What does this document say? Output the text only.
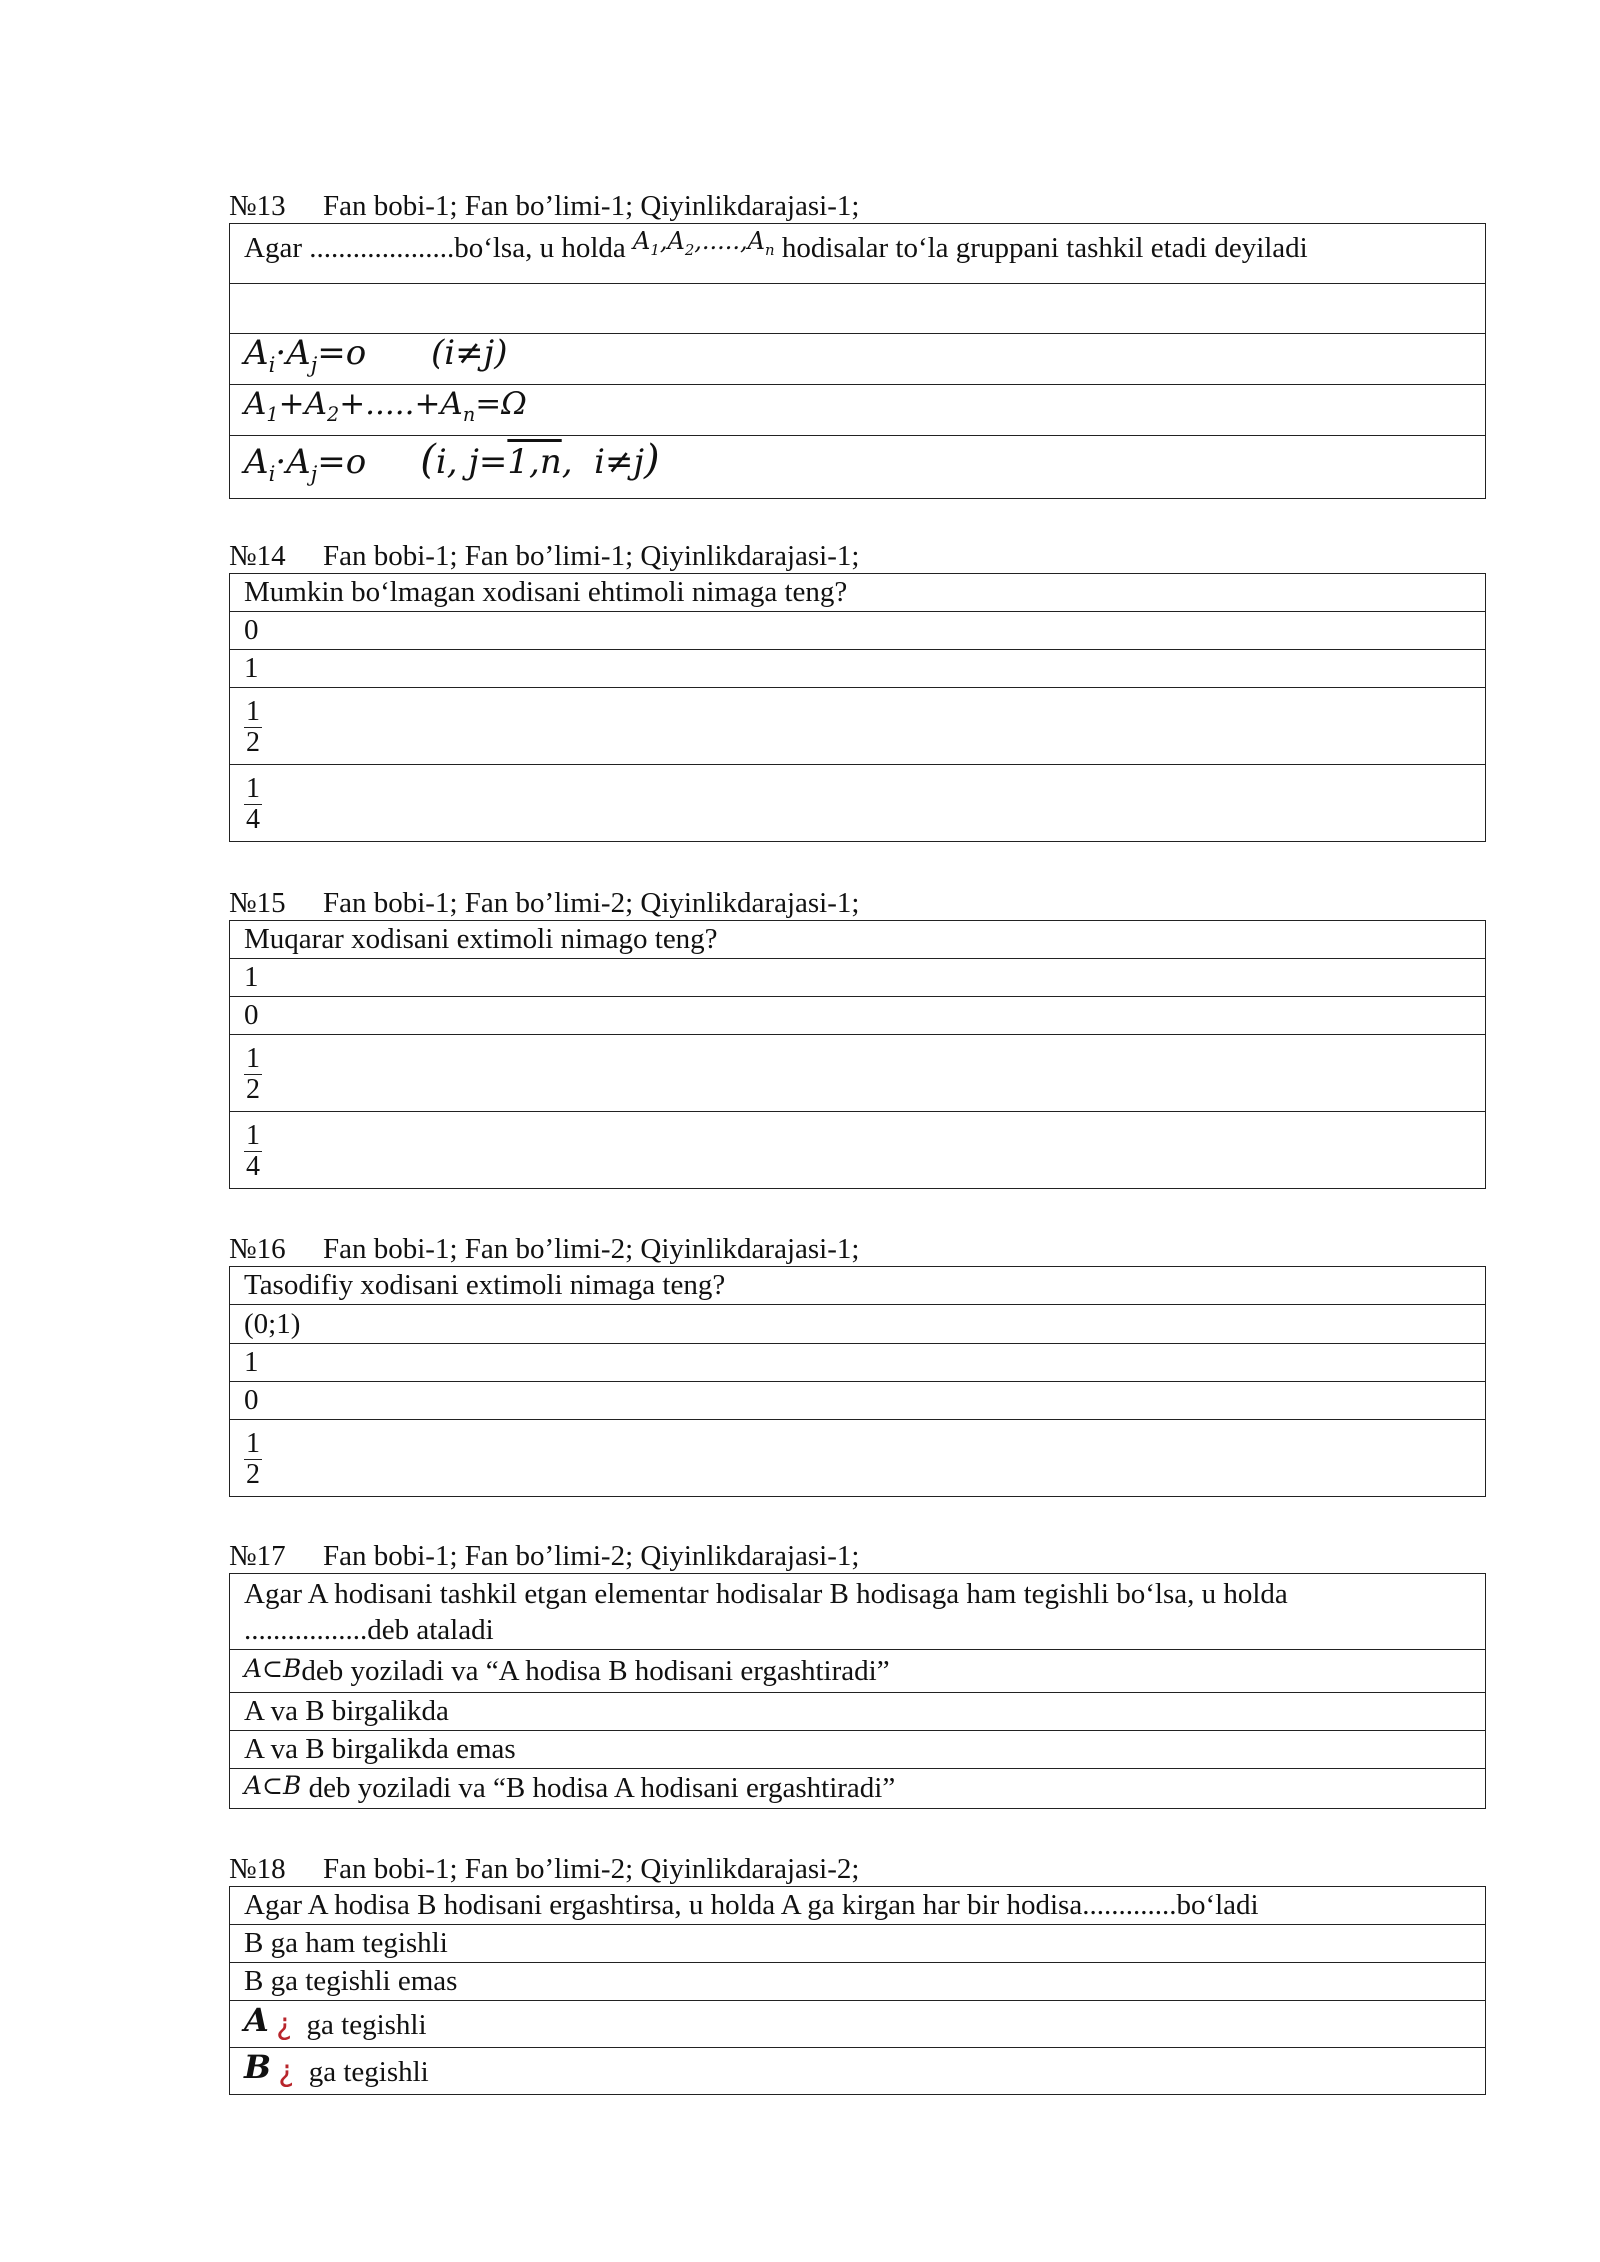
№13 Fan bobi-1; Fan bo’limi-1; Qiyinlikdarajasi-1;
Agar ....................bo‘lsa, u holda $^{A_1,A_2,.....,A_n}$ hodisalar to‘la gruppani tashkil etadi deyiladi

$A_i\cdot A_j=o$      (i≠j)
$A_1+A_2+.....+A_n=\Omega$
$A_i\cdot A_j=o$     (i, j=1,n,  i≠j)
№14 Fan bobi-1; Fan bo’limi-1; Qiyinlikdarajasi-1;
Mumkin bo‘lmagan xodisani ehtimoli nimaga teng?
0
1

$\frac{1}{2}$

$\frac{1}{4}$
№15 Fan bobi-1; Fan bo’limi-2; Qiyinlikdarajasi-1;
Muqarar xodisani extimoli nimago teng?
1
0

$\frac{1}{2}$

$\frac{1}{4}$
№16 Fan bobi-1; Fan bo’limi-2; Qiyinlikdarajasi-1;
Tasodifiy xodisani extimoli nimaga teng?
(0;1)
1
0

$\frac{1}{2}$
№17 Fan bobi-1; Fan bo’limi-2; Qiyinlikdarajasi-1;
Agar A hodisani tashkil etgan elementar hodisalar B hodisaga ham tegishli bo‘lsa, u holda .................deb ataladi
A⊂Bdeb yoziladi va “A hodisa B hodisani ergashtiradi”
A va B birgalikda
A va B birgalikda emas
A⊂B deb yoziladi va “B hodisa A hodisani ergashtiradi”
№18 Fan bobi-1; Fan bo’limi-2; Qiyinlikdarajasi-2;
Agar A hodisa B hodisani ergashtirsa, u holda A ga kirgan har bir hodisa.............bo‘ladi
B ga ham tegishli
B ga tegishli emas
A ¿ ga tegishli
B ¿ ga tegishli
